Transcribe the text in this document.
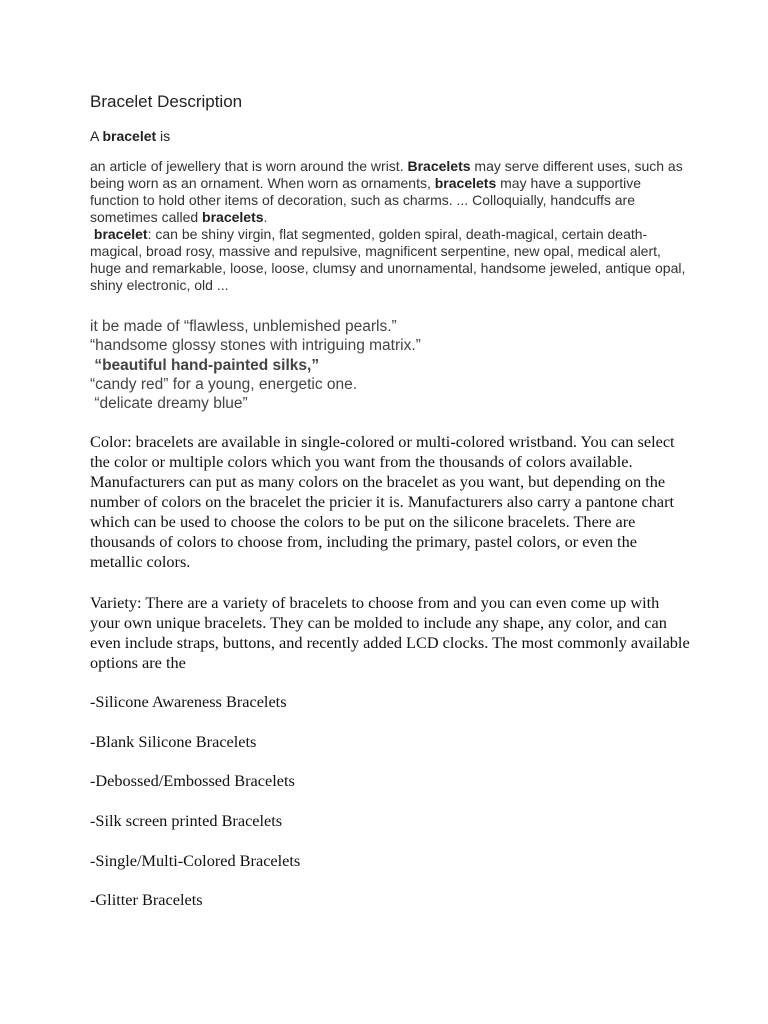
Bracelet Description
A bracelet is
an article of jewellery that is worn around the wrist. Bracelets may serve different uses, such as being worn as an ornament. When worn as ornaments, bracelets may have a supportive function to hold other items of decoration, such as charms. ... Colloquially, handcuffs are sometimes called bracelets.
bracelet: can be shiny virgin, flat segmented, golden spiral, death-magical, certain death-magical, broad rosy, massive and repulsive, magnificent serpentine, new opal, medical alert, huge and remarkable, loose, loose, clumsy and unornamental, handsome jeweled, antique opal, shiny electronic, old ...
it be made of “flawless, unblemished pearls.”
“handsome glossy stones with intriguing matrix.”
“beautiful hand-painted silks,”
“candy red” for a young, energetic one.
“delicate dreamy blue”

Color: bracelets are available in single-colored or multi-colored wristband. You can select the color or multiple colors which you want from the thousands of colors available. Manufacturers can put as many colors on the bracelet as you want, but depending on the number of colors on the bracelet the pricier it is. Manufacturers also carry a pantone chart which can be used to choose the colors to be put on the silicone bracelets. There are thousands of colors to choose from, including the primary, pastel colors, or even the metallic colors.

Variety: There are a variety of bracelets to choose from and you can even come up with your own unique bracelets. They can be molded to include any shape, any color, and can even include straps, buttons, and recently added LCD clocks. The most commonly available options are the

-Silicone Awareness Bracelets
-Blank Silicone Bracelets
-Debossed/Embossed Bracelets
-Silk screen printed Bracelets
-Single/Multi-Colored Bracelets
-Glitter Bracelets
